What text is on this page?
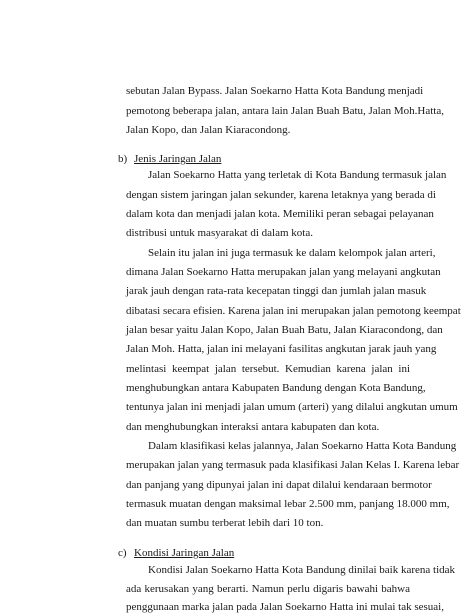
sebutan Jalan Bypass. Jalan Soekarno Hatta Kota Bandung menjadi
pemotong beberapa jalan, antara lain Jalan Buah Batu, Jalan Moh.Hatta,
Jalan Kopo, dan Jalan Kiaracondong.
b) Jenis Jaringan Jalan
Jalan Soekarno Hatta yang terletak di Kota Bandung termasuk jalan
dengan sistem jaringan jalan sekunder, karena letaknya yang berada di
dalam kota dan menjadi jalan kota. Memiliki peran sebagai pelayanan
distribusi untuk masyarakat di dalam kota.
Selain itu jalan ini juga termasuk ke dalam kelompok jalan arteri,
dimana Jalan Soekarno Hatta merupakan jalan yang melayani angkutan
jarak jauh dengan rata-rata kecepatan tinggi dan jumlah jalan masuk
dibatasi secara efisien. Karena jalan ini merupakan jalan pemotong keempat
jalan besar yaitu Jalan Kopo, Jalan Buah Batu, Jalan Kiaracondong, dan
Jalan Moh. Hatta, jalan ini melayani fasilitas angkutan jarak jauh yang
melintasi keempat jalan tersebut. Kemudian karena jalan ini
menghubungkan antara Kabupaten Bandung dengan Kota Bandung,
tentunya jalan ini menjadi jalan umum (arteri) yang dilalui angkutan umum
dan menghubungkan interaksi antara kabupaten dan kota.
Dalam klasifikasi kelas jalannya, Jalan Soekarno Hatta Kota Bandung
merupakan jalan yang termasuk pada klasifikasi Jalan Kelas I. Karena lebar
dan panjang yang dipunyai jalan ini dapat dilalui kendaraan bermotor
termasuk muatan dengan maksimal lebar 2.500 mm, panjang 18.000 mm,
dan muatan sumbu terberat lebih dari 10 ton.
c) Kondisi Jaringan Jalan
Kondisi Jalan Soekarno Hatta Kota Bandung dinilai baik karena tidak
ada kerusakan yang berarti. Namun perlu digaris bawahi bahwa
penggunaan marka jalan pada Jalan Soekarno Hatta ini mulai tak sesuai,
